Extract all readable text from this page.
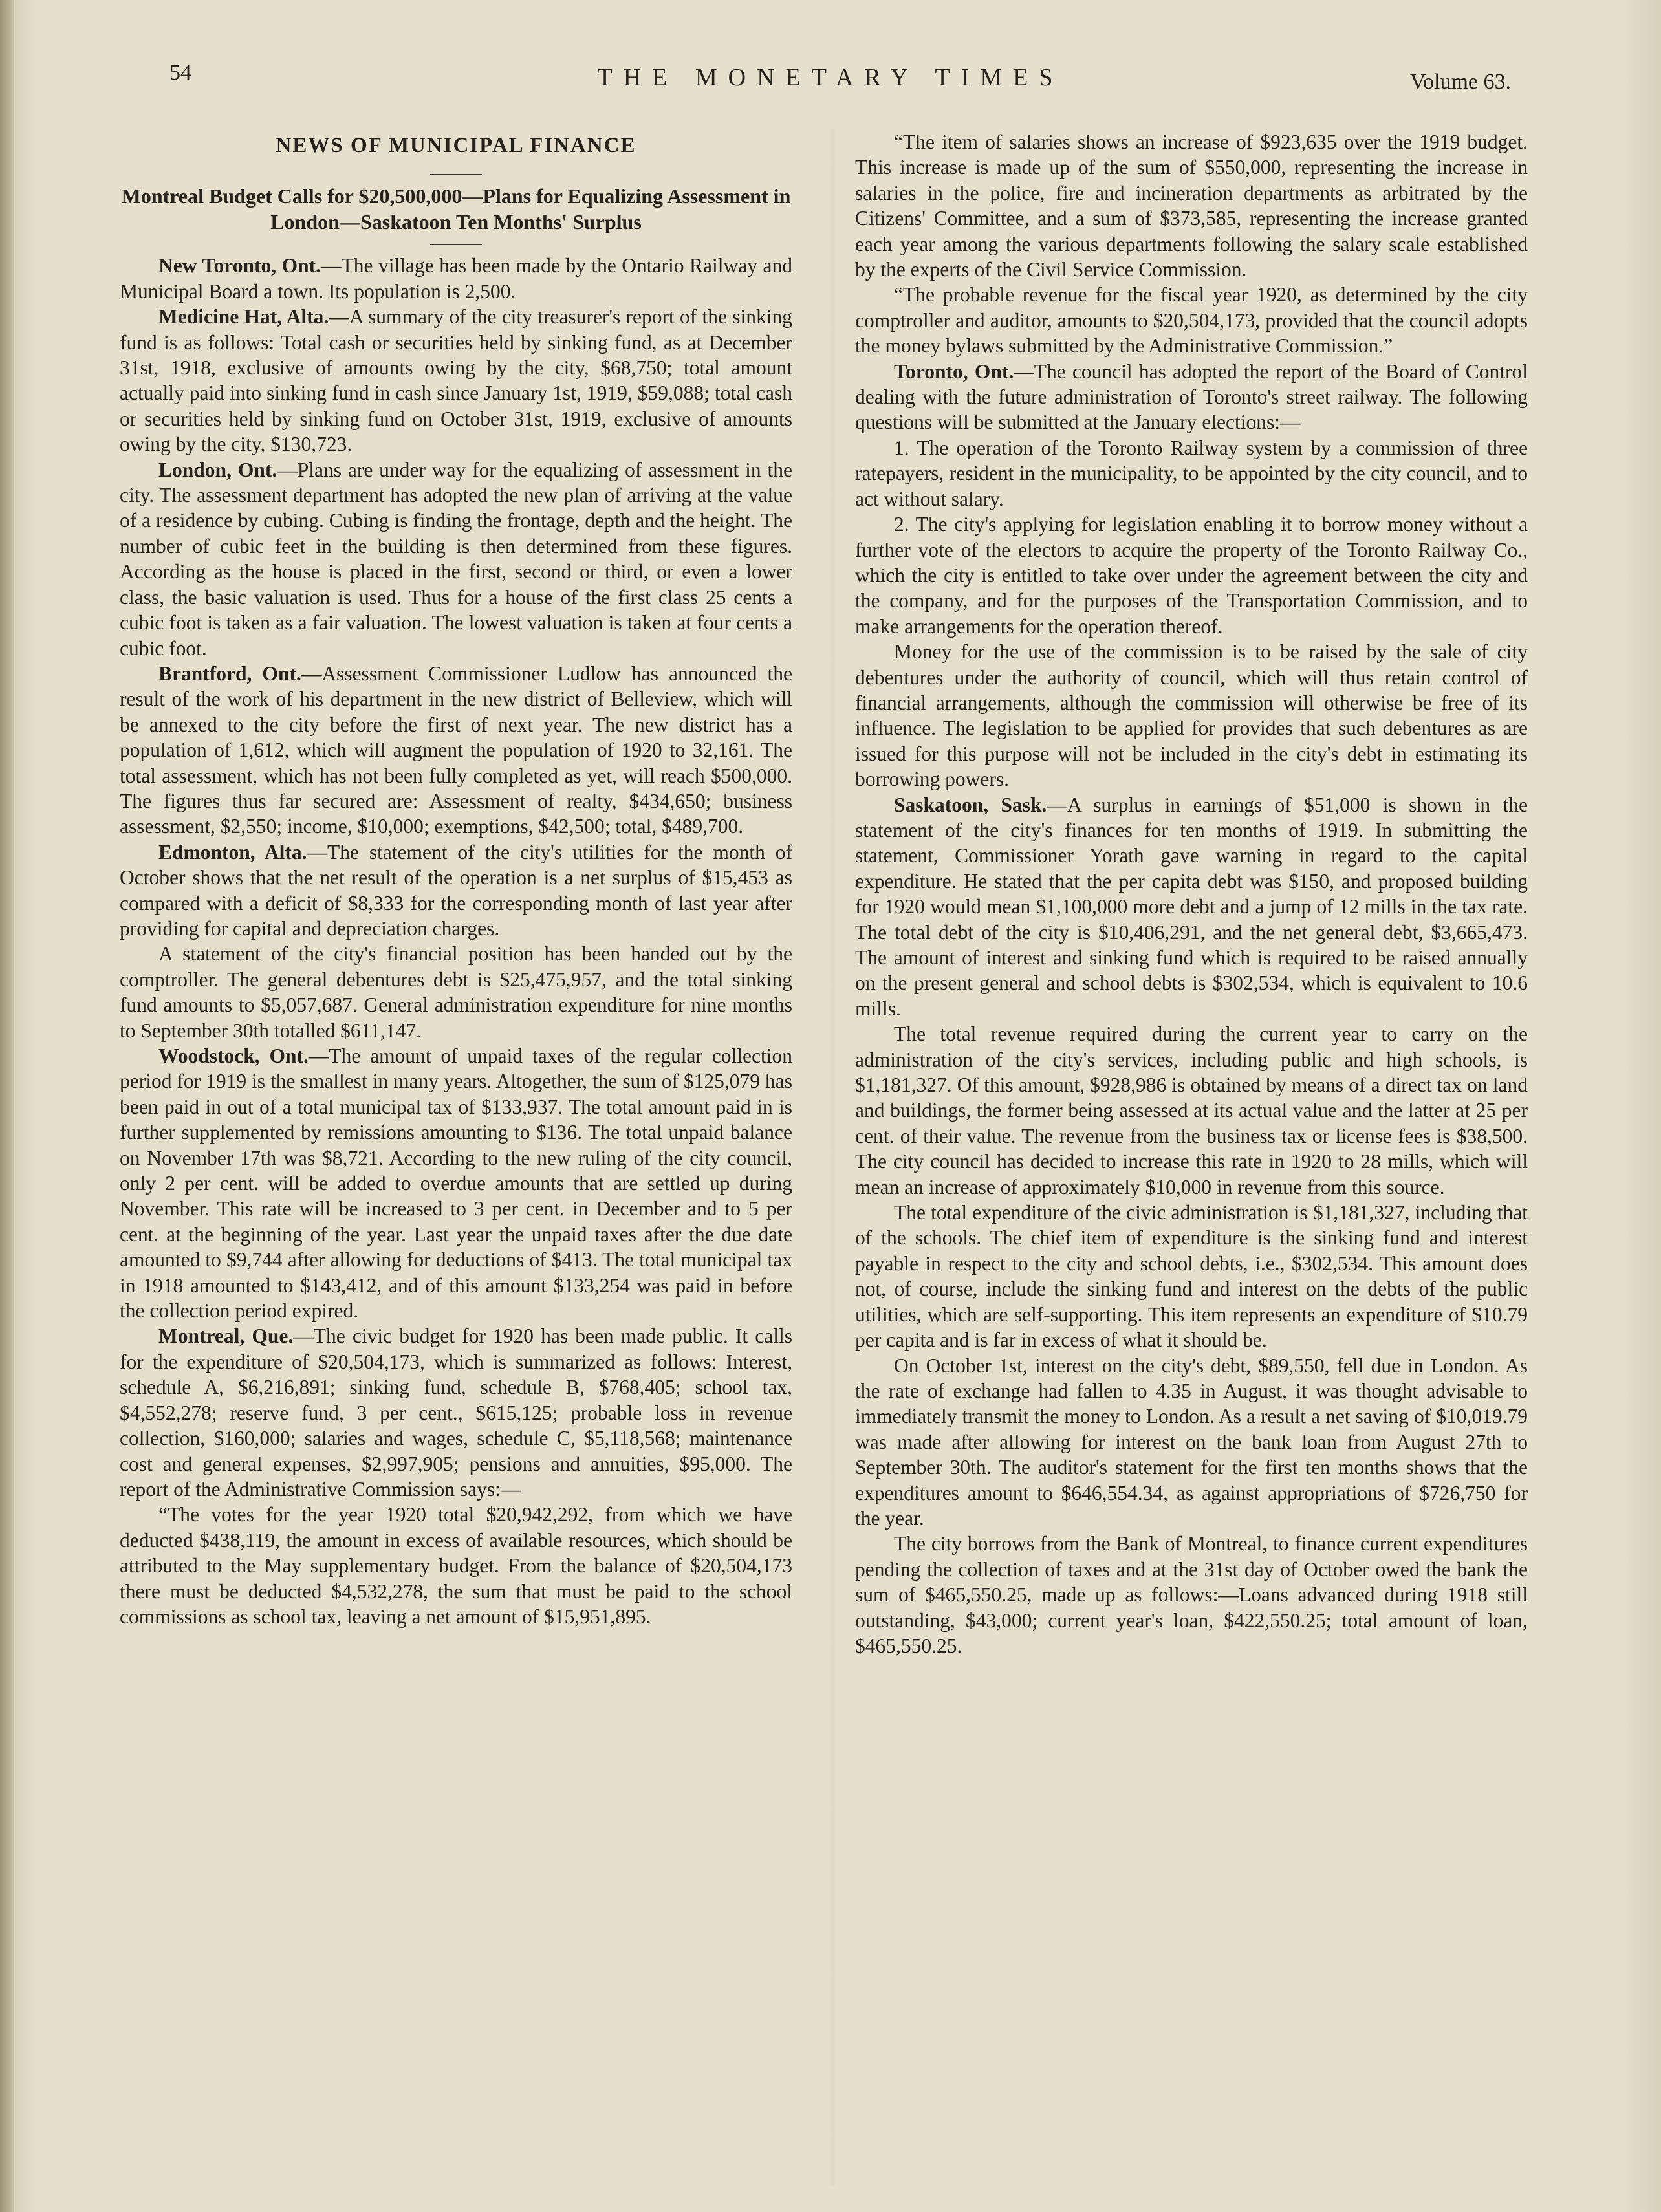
54	THE MONETARY TIMES	Volume 63.
NEWS OF MUNICIPAL FINANCE
Montreal Budget Calls for $20,500,000—Plans for Equalizing Assessment in London—Saskatoon Ten Months' Surplus

New Toronto, Ont.—The village has been made by the Ontario Railway and Municipal Board a town. Its population is 2,500.

Medicine Hat, Alta.—A summary of the city treasurer's report of the sinking fund is as follows: Total cash or securities held by sinking fund, as at December 31st, 1918, exclusive of amounts owing by the city, $68,750; total amount actually paid into sinking fund in cash since January 1st, 1919, $59,088; total cash or securities held by sinking fund on October 31st, 1919, exclusive of amounts owing by the city, $130,723.

London, Ont.—Plans are under way for the equalizing of assessment in the city. The assessment department has adopted the new plan of arriving at the value of a residence by cubing. Cubing is finding the frontage, depth and the height. The number of cubic feet in the building is then determined from these figures. According as the house is placed in the first, second or third, or even a lower class, the basic valuation is used. Thus for a house of the first class 25 cents a cubic foot is taken as a fair valuation. The lowest valuation is taken at four cents a cubic foot.

Brantford, Ont.—Assessment Commissioner Ludlow has announced the result of the work of his department in the new district of Belleview, which will be annexed to the city before the first of next year. The new district has a population of 1,612, which will augment the population of 1920 to 32,161. The total assessment, which has not been fully completed as yet, will reach $500,000. The figures thus far secured are: Assessment of realty, $434,650; business assessment, $2,550; income, $10,000; exemptions, $42,500; total, $489,700.

Edmonton, Alta.—The statement of the city's utilities for the month of October shows that the net result of the operation is a net surplus of $15,453 as compared with a deficit of $8,333 for the corresponding month of last year after providing for capital and depreciation charges.

A statement of the city's financial position has been handed out by the comptroller. The general debentures debt is $25,475,957, and the total sinking fund amounts to $5,057,687. General administration expenditure for nine months to September 30th totalled $611,147.

Woodstock, Ont.—The amount of unpaid taxes of the regular collection period for 1919 is the smallest in many years. Altogether, the sum of $125,079 has been paid in out of a total municipal tax of $133,937. The total amount paid in is further supplemented by remissions amounting to $136. The total unpaid balance on November 17th was $8,721. According to the new ruling of the city council, only 2 per cent. will be added to overdue amounts that are settled up during November. This rate will be increased to 3 per cent. in December and to 5 per cent. at the beginning of the year. Last year the unpaid taxes after the due date amounted to $9,744 after allowing for deductions of $413. The total municipal tax in 1918 amounted to $143,412, and of this amount $133,254 was paid in before the collection period expired.

Montreal, Que.—The civic budget for 1920 has been made public. It calls for the expenditure of $20,504,173, which is summarized as follows: Interest, schedule A, $6,216,891; sinking fund, schedule B, $768,405; school tax, $4,552,278; reserve fund, 3 per cent., $615,125; probable loss in revenue collection, $160,000; salaries and wages, schedule C, $5,118,568; maintenance cost and general expenses, $2,997,905; pensions and annuities, $95,000. The report of the Administrative Commission says:—

“The votes for the year 1920 total $20,942,292, from which we have deducted $438,119, the amount in excess of available resources, which should be attributed to the May supplementary budget. From the balance of $20,504,173 there must be deducted $4,532,278, the sum that must be paid to the school commissions as school tax, leaving a net amount of $15,951,895.

“The item of salaries shows an increase of $923,635 over the 1919 budget. This increase is made up of the sum of $550,000, representing the increase in salaries in the police, fire and incineration departments as arbitrated by the Citizens' Committee, and a sum of $373,585, representing the increase granted each year among the various departments following the salary scale established by the experts of the Civil Service Commission.

“The probable revenue for the fiscal year 1920, as determined by the city comptroller and auditor, amounts to $20,504,173, provided that the council adopts the money bylaws submitted by the Administrative Commission.”

Toronto, Ont.—The council has adopted the report of the Board of Control dealing with the future administration of Toronto's street railway. The following questions will be submitted at the January elections:—

1. The operation of the Toronto Railway system by a commission of three ratepayers, resident in the municipality, to be appointed by the city council, and to act without salary.

2. The city's applying for legislation enabling it to borrow money without a further vote of the electors to acquire the property of the Toronto Railway Co., which the city is entitled to take over under the agreement between the city and the company, and for the purposes of the Transportation Commission, and to make arrangements for the operation thereof.

Money for the use of the commission is to be raised by the sale of city debentures under the authority of council, which will thus retain control of financial arrangements, although the commission will otherwise be free of its influence. The legislation to be applied for provides that such debentures as are issued for this purpose will not be included in the city's debt in estimating its borrowing powers.

Saskatoon, Sask.—A surplus in earnings of $51,000 is shown in the statement of the city's finances for ten months of 1919. In submitting the statement, Commissioner Yorath gave warning in regard to the capital expenditure. He stated that the per capita debt was $150, and proposed building for 1920 would mean $1,100,000 more debt and a jump of 12 mills in the tax rate. The total debt of the city is $10,406,291, and the net general debt, $3,665,473. The amount of interest and sinking fund which is required to be raised annually on the present general and school debts is $302,534, which is equivalent to 10.6 mills.

The total revenue required during the current year to carry on the administration of the city's services, including public and high schools, is $1,181,327. Of this amount, $928,986 is obtained by means of a direct tax on land and buildings, the former being assessed at its actual value and the latter at 25 per cent. of their value. The revenue from the business tax or license fees is $38,500. The city council has decided to increase this rate in 1920 to 28 mills, which will mean an increase of approximately $10,000 in revenue from this source.

The total expenditure of the civic administration is $1,181,327, including that of the schools. The chief item of expenditure is the sinking fund and interest payable in respect to the city and school debts, i.e., $302,534. This amount does not, of course, include the sinking fund and interest on the debts of the public utilities, which are self-supporting. This item represents an expenditure of $10.79 per capita and is far in excess of what it should be.

On October 1st, interest on the city's debt, $89,550, fell due in London. As the rate of exchange had fallen to 4.35 in August, it was thought advisable to immediately transmit the money to London. As a result a net saving of $10,019.79 was made after allowing for interest on the bank loan from August 27th to September 30th. The auditor's statement for the first ten months shows that the expenditures amount to $646,554.34, as against appropriations of $726,750 for the year.

The city borrows from the Bank of Montreal, to finance current expenditures pending the collection of taxes and at the 31st day of October owed the bank the sum of $465,550.25, made up as follows:—Loans advanced during 1918 still outstanding, $43,000; current year's loan, $422,550.25; total amount of loan, $465,550.25.
